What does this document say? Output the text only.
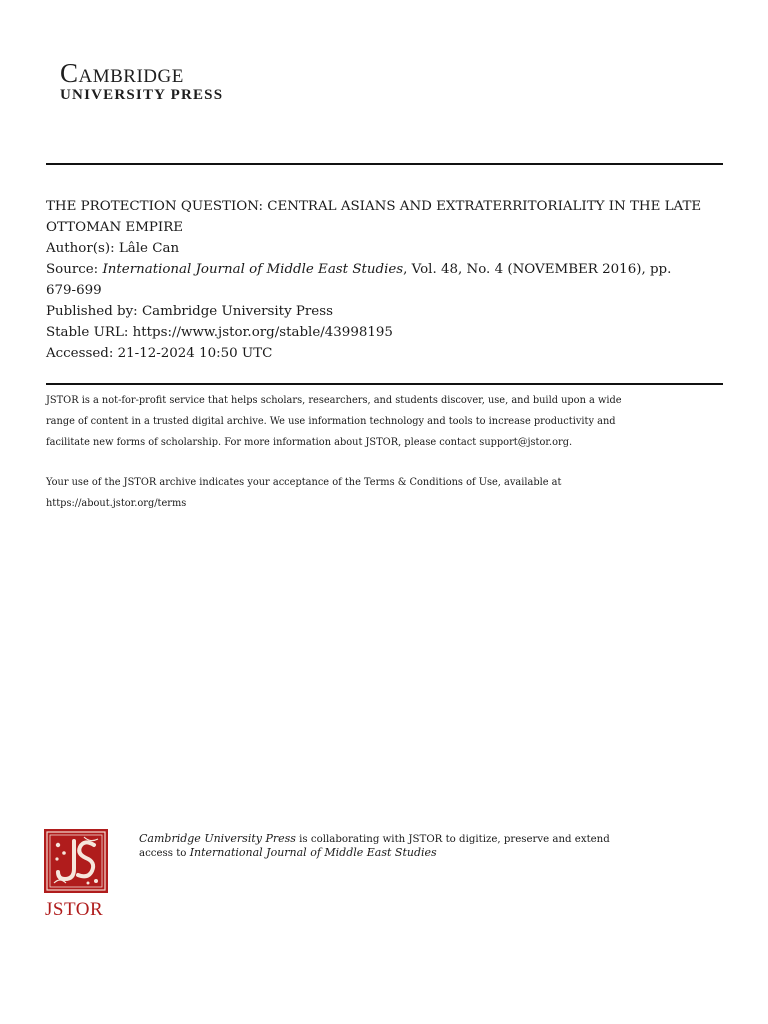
Cambridge
UNIVERSITY PRESS
THE PROTECTION QUESTION: CENTRAL ASIANS AND EXTRATERRITORIALITY IN THE LATE
OTTOMAN EMPIRE
Author(s): Lâle Can
Source: International Journal of Middle East Studies, Vol. 48, No. 4 (NOVEMBER 2016), pp.
679-699
Published by: Cambridge University Press
Stable URL: https://www.jstor.org/stable/43998195
Accessed: 21-12-2024 10:50 UTC
JSTOR is a not-for-profit service that helps scholars, researchers, and students discover, use, and build upon a wide
range of content in a trusted digital archive. We use information technology and tools to increase productivity and
facilitate new forms of scholarship. For more information about JSTOR, please contact support@jstor.org.
Your use of the JSTOR archive indicates your acceptance of the Terms & Conditions of Use, available at
https://about.jstor.org/terms
JSTOR
Cambridge University Press is collaborating with JSTOR to digitize, preserve and extend
access to International Journal of Middle East Studies
